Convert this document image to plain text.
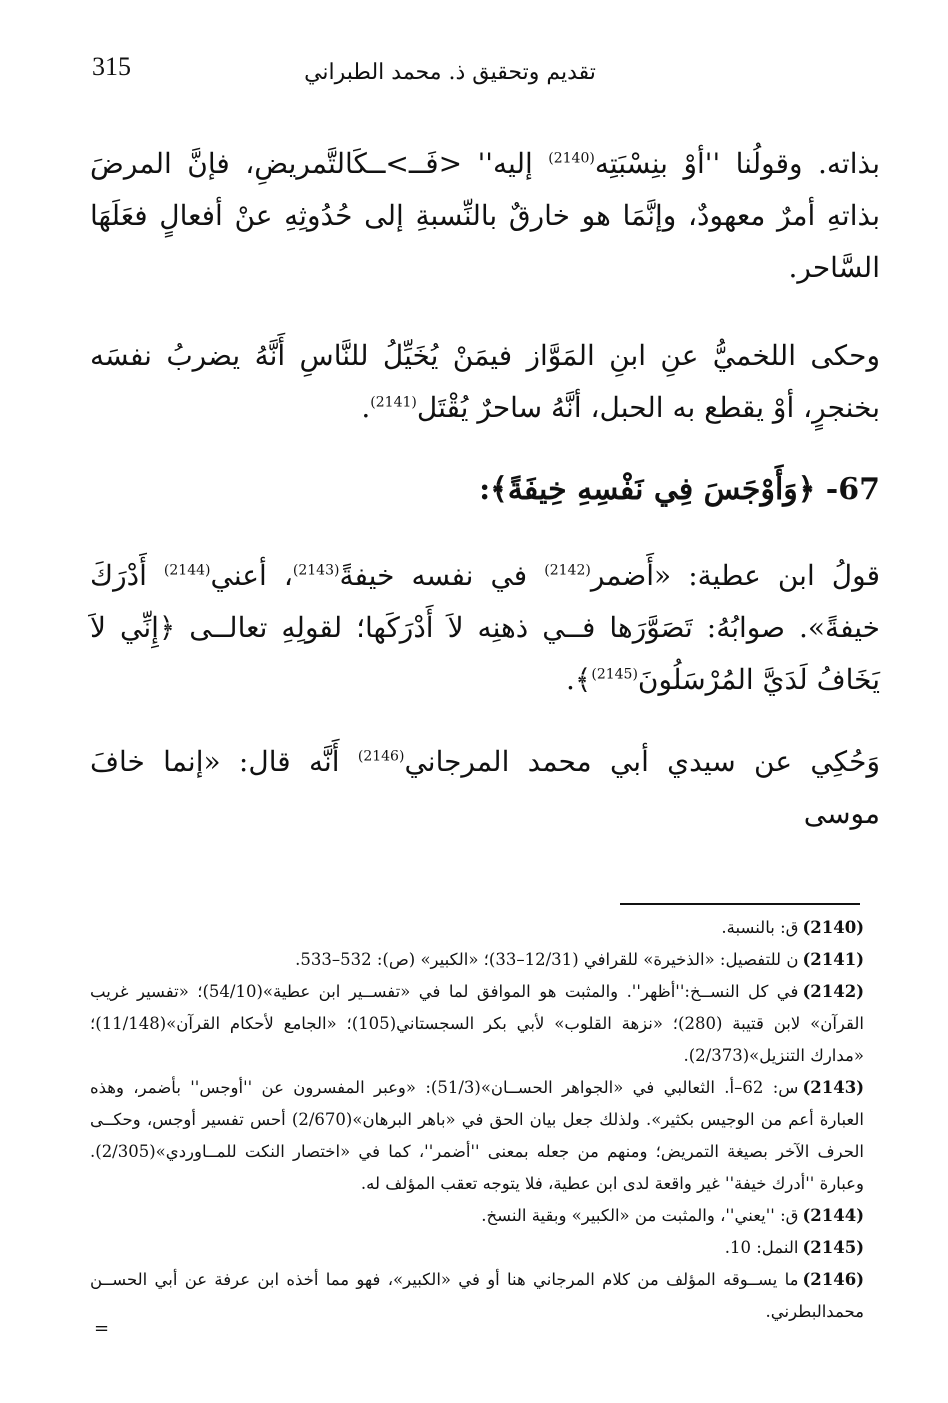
315	تقديم وتحقيق ذ. محمد الطبراني

بذاته. وقولُنا ''أوْ بنِسْبَتِه$^{(2140)}$ إليه'' <فَــ>ــكَالتَّمريضِ، فإنَّ المرضَ بذاتهِ أمرٌ معهودٌ، وإنَّمَا هو خارقٌ بالنِّسبةِ إلى حُدُوثِهِ عنْ أفعالٍ فعَلَهَا السَّاحر.

وحكى اللخميُّ عنِ ابنِ المَوَّاز فيمَنْ يُخَيِّلُ للنَّاسِ أَنَّهُ يضربُ نفسَه بخنجرٍ، أوْ يقطع به الحبل، أنَّهُ ساحرٌ يُقْتَل$^{(2141)}$.

67- ﴿وَأَوْجَسَ فِي نَفْسِهِ خِيفَةً﴾:

قولُ ابن عطية: «أَضمر$^{(2142)}$ في نفسه خيفةً$^{(2143)}$، أعني$^{(2144)}$ أَدْرَكَ خيفةً». صوابُهُ: تَصَوَّرَها فــي ذهنِه لاَ أَدْرَكَها؛ لقولِهِ تعالــى ﴿إِنِّي لاَ يَخَافُ لَدَيَّ المُرْسَلُونَ$^{(2145)}$﴾.

وَحُكِي عن سيدي أبي محمد المرجاني$^{(2146)}$ أَنَّه قال: «إنما خافَ موسى

(2140)ق: بالنسبة.

(2141)ن للتفصيل: «الذخيرة» للقرافي (12/31–33)؛ «الكبير» (ص): 532–533.

(2142)في كل النســخ:''أظهر''. والمثبت هو الموافق لما في «تفســير ابن عطية»(54/10)؛ «تفسير غريب القرآن» لابن قتيبة (280)؛ «نزهة القلوب» لأبي بكر السجستاني(105)؛ «الجامع لأحكام القرآن»(11/148)؛ «مدارك التنزيل»(2/373).

(2143)س: 62–أ. الثعالبي في «الجواهر الحســان»(51/3): «وعبر المفسرون عن ''أوجس'' بأضمر، وهذه العبارة أعم من الوجيس بكثير». ولذلك جعل بيان الحق في «باهر البرهان»(2/670) أحس تفسير أوجس، وحكــى الحرف الآخر بصيغة التمريض؛ ومنهم من جعله بمعنى ''أضمر''، كما في «اختصار النكت للمــاوردي»(2/305). وعبارة ''أدرك خيفة'' غير واقعة لدى ابن عطية، فلا يتوجه تعقب المؤلف له.

(2144)ق: ''يعني''، والمثبت من «الكبير» وبقية النسخ.

(2145)النمل: 10.

(2146)ما يســوقه المؤلف من كلام المرجاني هنا أو في «الكبير»، فهو مما أخذه ابن عرفة عن أبي الحســن محمدالبطرني.

=
